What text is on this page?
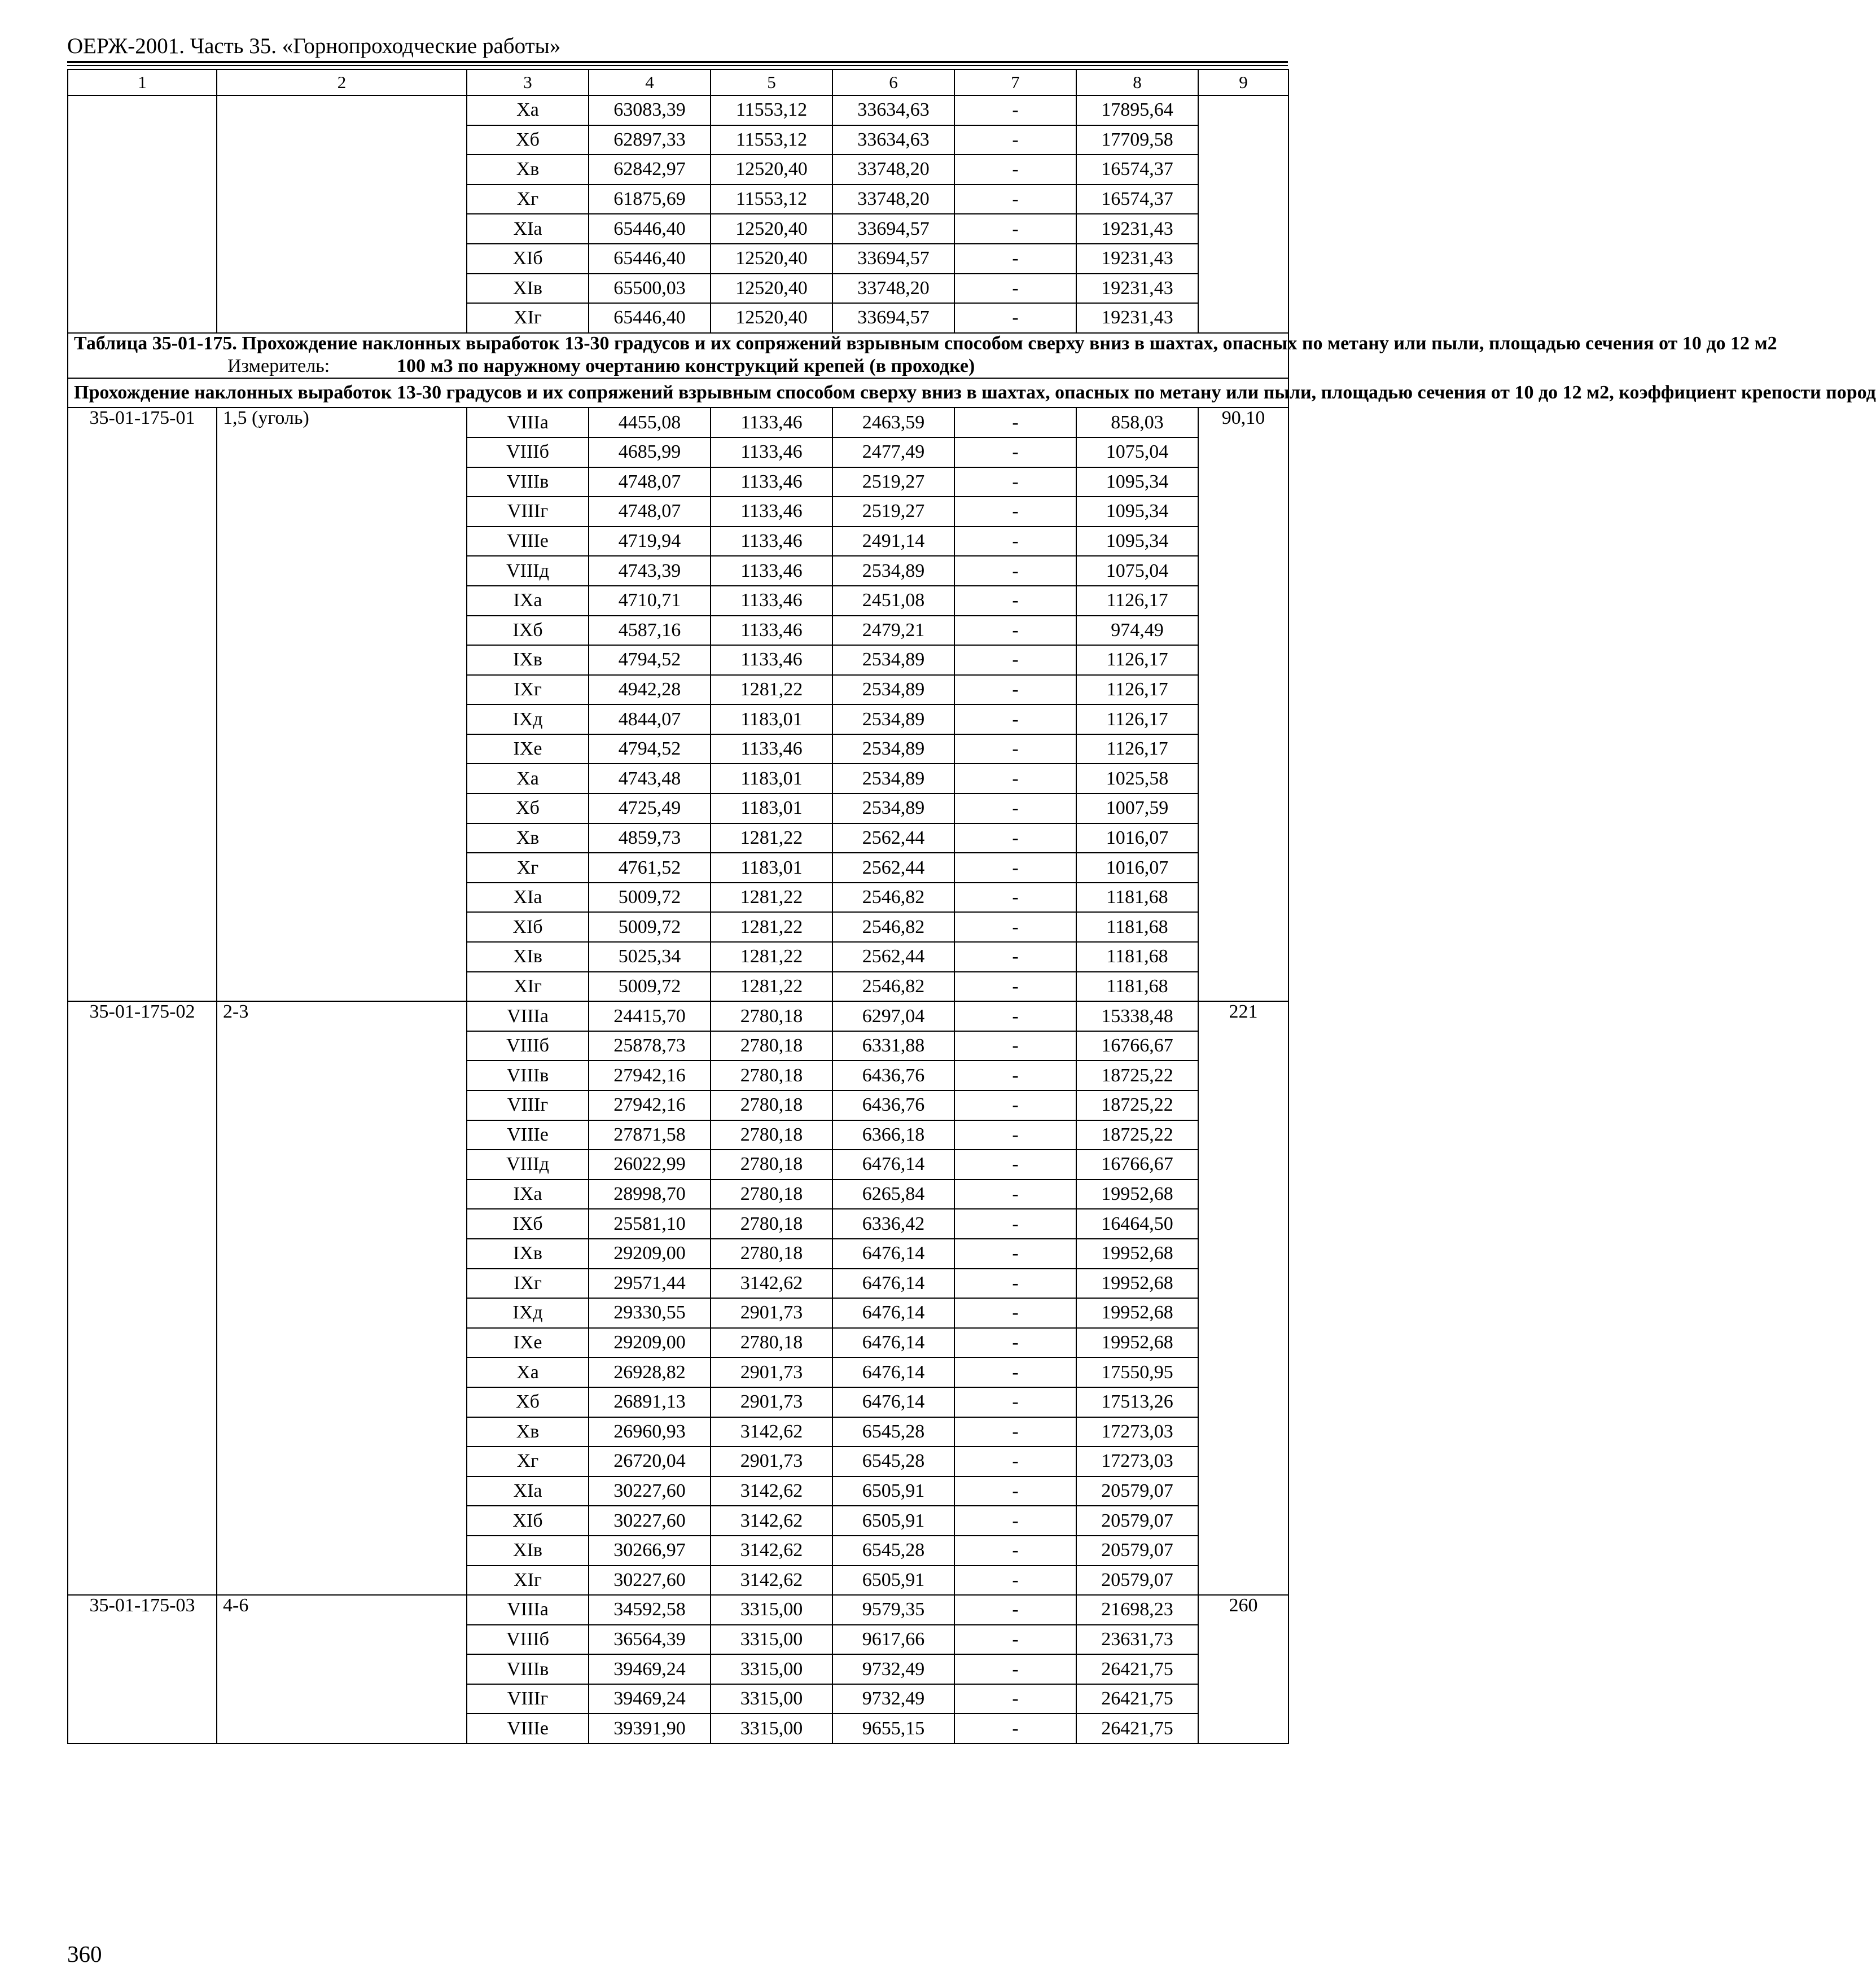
ОЕРЖ-2001. Часть 35. «Горнопроходческие работы»
1	2	3	4	5	6	7	8	9
		Xa	63083,39	11553,12	33634,63	-	17895,64	
		Xб	62897,33	11553,12	33634,63	-	17709,58	
		Xв	62842,97	12520,40	33748,20	-	16574,37	
		Xг	61875,69	11553,12	33748,20	-	16574,37	
		XIa	65446,40	12520,40	33694,57	-	19231,43	
		XIб	65446,40	12520,40	33694,57	-	19231,43	
		XIв	65500,03	12520,40	33748,20	-	19231,43	
		XIг	65446,40	12520,40	33694,57	-	19231,43	

Таблица 35-01-175. Прохождение наклонных выработок 13-30 градусов и их сопряжений взрывным способом сверху вниз в шахтах, опасных по метану или пыли, площадью сечения от 10 до 12 м2
Измеритель: 100 м3 по наружному очертанию конструкций крепей (в проходке)								

Прохождение наклонных выработок 13-30 градусов и их сопряжений взрывным способом сверху вниз в шахтах, опасных по метану или пыли, площадью сечения от 10 до 12 м2, коэффициент крепости пород								
35-01-175-01	1,5 (уголь)	VIIIa	4455,08	1133,46	2463,59	-	858,03	90,10
		VIIIб	4685,99	1133,46	2477,49	-	1075,04	
		VIIIв	4748,07	1133,46	2519,27	-	1095,34	
		VIIIг	4748,07	1133,46	2519,27	-	1095,34	
		VIIIe	4719,94	1133,46	2491,14	-	1095,34	
		VIIIд	4743,39	1133,46	2534,89	-	1075,04	
		IXa	4710,71	1133,46	2451,08	-	1126,17	
		IXб	4587,16	1133,46	2479,21	-	974,49	
		IXв	4794,52	1133,46	2534,89	-	1126,17	
		IXг	4942,28	1281,22	2534,89	-	1126,17	
		IXд	4844,07	1183,01	2534,89	-	1126,17	
		IXe	4794,52	1133,46	2534,89	-	1126,17	
		Xa	4743,48	1183,01	2534,89	-	1025,58	
		Xб	4725,49	1183,01	2534,89	-	1007,59	
		Xв	4859,73	1281,22	2562,44	-	1016,07	
		Xг	4761,52	1183,01	2562,44	-	1016,07	
		XIa	5009,72	1281,22	2546,82	-	1181,68	
		XIб	5009,72	1281,22	2546,82	-	1181,68	
		XIв	5025,34	1281,22	2562,44	-	1181,68	
		XIг	5009,72	1281,22	2546,82	-	1181,68	
35-01-175-02	2-3	VIIIa	24415,70	2780,18	6297,04	-	15338,48	221
		VIIIб	25878,73	2780,18	6331,88	-	16766,67	
		VIIIв	27942,16	2780,18	6436,76	-	18725,22	
		VIIIг	27942,16	2780,18	6436,76	-	18725,22	
		VIIIe	27871,58	2780,18	6366,18	-	18725,22	
		VIIIд	26022,99	2780,18	6476,14	-	16766,67	
		IXa	28998,70	2780,18	6265,84	-	19952,68	
		IXб	25581,10	2780,18	6336,42	-	16464,50	
		IXв	29209,00	2780,18	6476,14	-	19952,68	
		IXг	29571,44	3142,62	6476,14	-	19952,68	
		IXд	29330,55	2901,73	6476,14	-	19952,68	
		IXe	29209,00	2780,18	6476,14	-	19952,68	
		Xa	26928,82	2901,73	6476,14	-	17550,95	
		Xб	26891,13	2901,73	6476,14	-	17513,26	
		Xв	26960,93	3142,62	6545,28	-	17273,03	
		Xг	26720,04	2901,73	6545,28	-	17273,03	
		XIa	30227,60	3142,62	6505,91	-	20579,07	
		XIб	30227,60	3142,62	6505,91	-	20579,07	
		XIв	30266,97	3142,62	6545,28	-	20579,07	
		XIг	30227,60	3142,62	6505,91	-	20579,07	
35-01-175-03	4-6	VIIIa	34592,58	3315,00	9579,35	-	21698,23	260
		VIIIб	36564,39	3315,00	9617,66	-	23631,73	
		VIIIв	39469,24	3315,00	9732,49	-	26421,75	
		VIIIг	39469,24	3315,00	9732,49	-	26421,75	
		VIIIe	39391,90	3315,00	9655,15	-	26421,75	
360
